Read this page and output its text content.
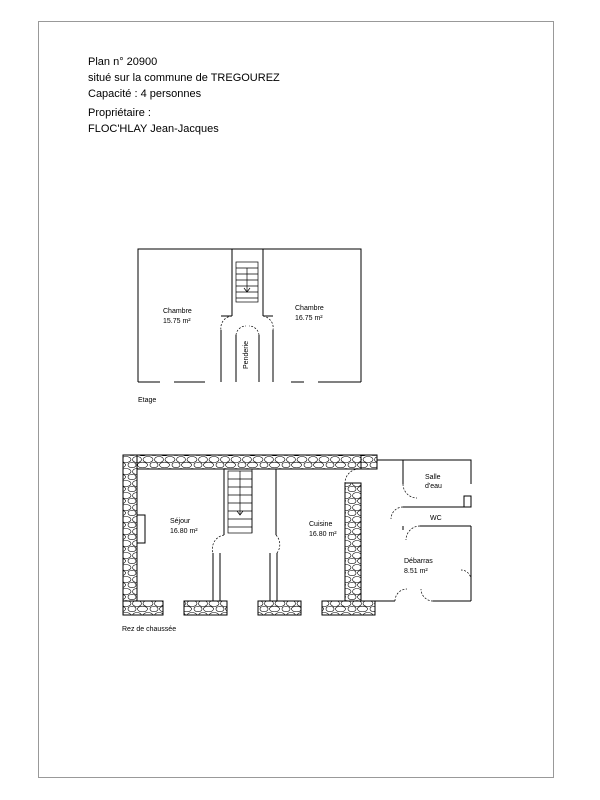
Plan n° 20900
situé sur la commune de TREGOUREZ
Capacité : 4 personnes
Propriétaire :
FLOC'HLAY Jean-Jacques
Chambre
15.75 m²
Chambre
16.75 m²
Penderie
Etage
Séjour
16.80 m²
Cuisine
16.80 m²
Salle
d'eau
WC
Débarras
8.51 m²
Rez de chaussée
